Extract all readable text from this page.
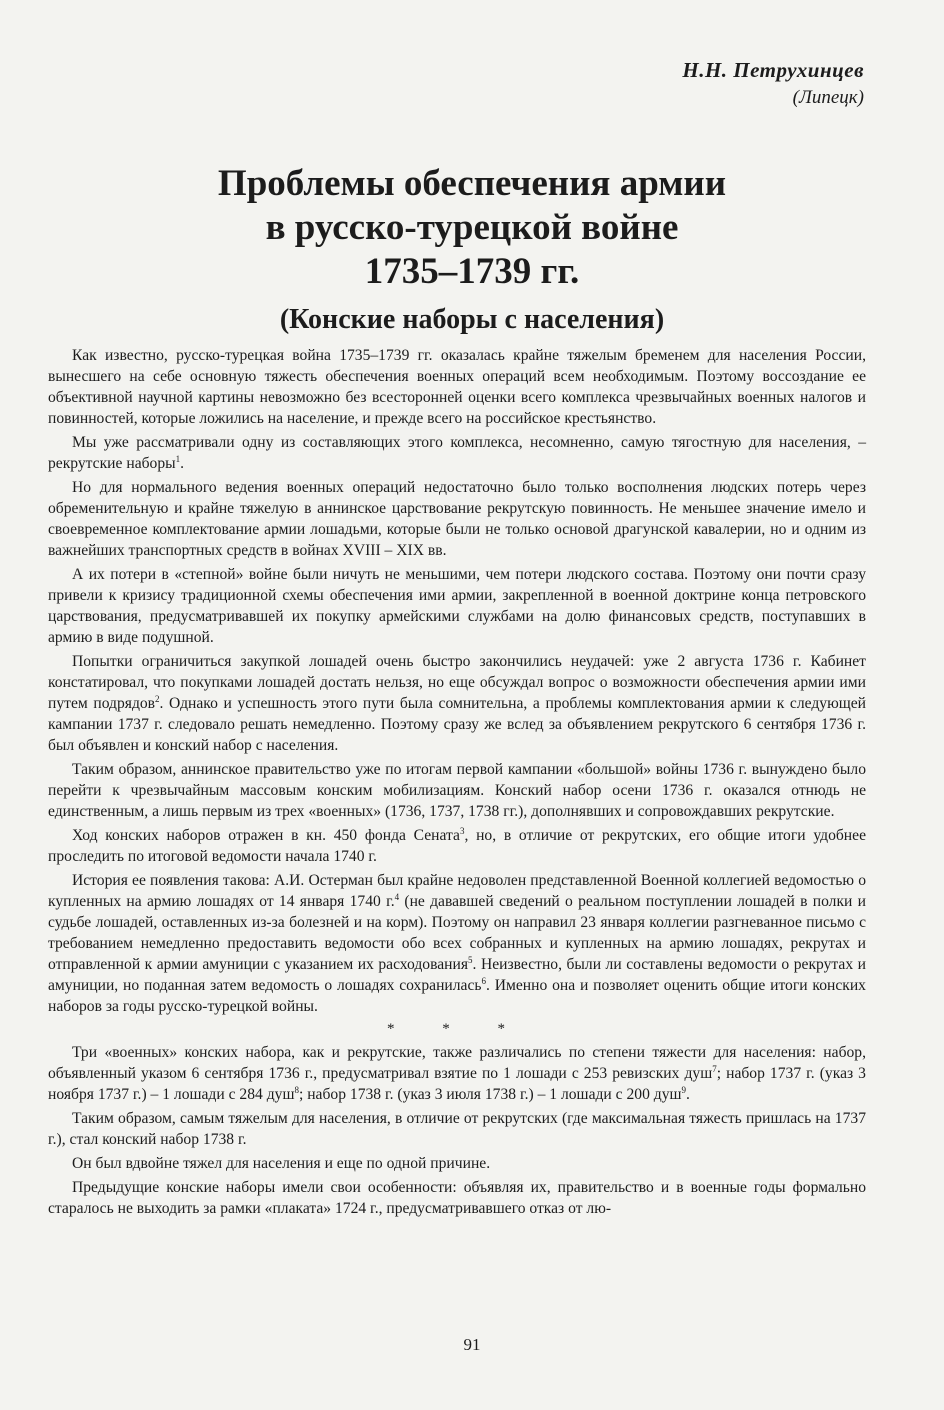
Н.Н. Петрухинцев
(Липецк)
Проблемы обеспечения армии
в русско-турецкой войне
1735–1739 гг.
(Конские наборы с населения)

Как известно, русско-турецкая война 1735–1739 гг. оказалась крайне тяжелым бременем для населения России, вынесшего на себе основную тяжесть обеспечения военных операций всем необходимым. Поэтому воссоздание ее объективной научной картины невозможно без всесторонней оценки всего комплекса чрезвычайных военных налогов и повинностей, которые ложились на население, и прежде всего на российское крестьянство.

Мы уже рассматривали одну из составляющих этого комплекса, несомненно, самую тягостную для населения, – рекрутские наборы$^1$.

Но для нормального ведения военных операций недостаточно было только восполнения людских потерь через обременительную и крайне тяжелую в аннинское царствование рекрутскую повинность. Не меньшее значение имело и своевременное комплектование армии лошадьми, которые были не только основой драгунской кавалерии, но и одним из важнейших транспортных средств в войнах XVIII – XIX вв.

А их потери в «степной» войне были ничуть не меньшими, чем потери людского состава. Поэтому они почти сразу привели к кризису традиционной схемы обеспечения ими армии, закрепленной в военной доктрине конца петровского царствования, предусматривавшей их покупку армейскими службами на долю финансовых средств, поступавших в армию в виде подушной.

Попытки ограничиться закупкой лошадей очень быстро закончились неудачей: уже 2 августа 1736 г. Кабинет констатировал, что покупками лошадей достать нельзя, но еще обсуждал вопрос о возможности обеспечения армии ими путем подрядов$^2$. Однако и успешность этого пути была сомнительна, а проблемы комплектования армии к следующей кампании 1737 г. следовало решать немедленно. Поэтому сразу же вслед за объявлением рекрутского 6 сентября 1736 г. был объявлен и конский набор с населения.

Таким образом, аннинское правительство уже по итогам первой кампании «большой» войны 1736 г. вынуждено было перейти к чрезвычайным массовым конским мобилизациям. Конский набор осени 1736 г. оказался отнюдь не единственным, а лишь первым из трех «военных» (1736, 1737, 1738 гг.), дополнявших и сопровождавших рекрутские.

Ход конских наборов отражен в кн. 450 фонда Сената$^3$, но, в отличие от рекрутских, его общие итоги удобнее проследить по итоговой ведомости начала 1740 г.

История ее появления такова: А.И. Остерман был крайне недоволен представленной Военной коллегией ведомостью о купленных на армию лошадях от 14 января 1740 г.$^4$ (не дававшей сведений о реальном поступлении лошадей в полки и судьбе лошадей, оставленных из-за болезней и на корм). Поэтому он направил 23 января коллегии разгневанное письмо с требованием немедленно предоставить ведомости обо всех собранных и купленных на армию лошадях, рекрутах и отправленной к армии амуниции с указанием их расходования$^5$. Неизвестно, были ли составлены ведомости о рекрутах и амуниции, но поданная затем ведомость о лошадях сохранилась$^6$. Именно она и позволяет оценить общие итоги конских наборов за годы русско-турецкой войны.

* * *

Три «военных» конских набора, как и рекрутские, также различались по степени тяжести для населения: набор, объявленный указом 6 сентября 1736 г., предусматривал взятие по 1 лошади с 253 ревизских душ$^7$; набор 1737 г. (указ 3 ноября 1737 г.) – 1 лошади с 284 душ$^8$; набор 1738 г. (указ 3 июля 1738 г.) – 1 лошади с 200 душ$^9$.

Таким образом, самым тяжелым для населения, в отличие от рекрутских (где максимальная тяжесть пришлась на 1737 г.), стал конский набор 1738 г.

Он был вдвойне тяжел для населения и еще по одной причине.

Предыдущие конские наборы имели свои особенности: объявляя их, правительство и в военные годы формально старалось не выходить за рамки «плаката» 1724 г., предусматривавшего отказ от лю-

91
